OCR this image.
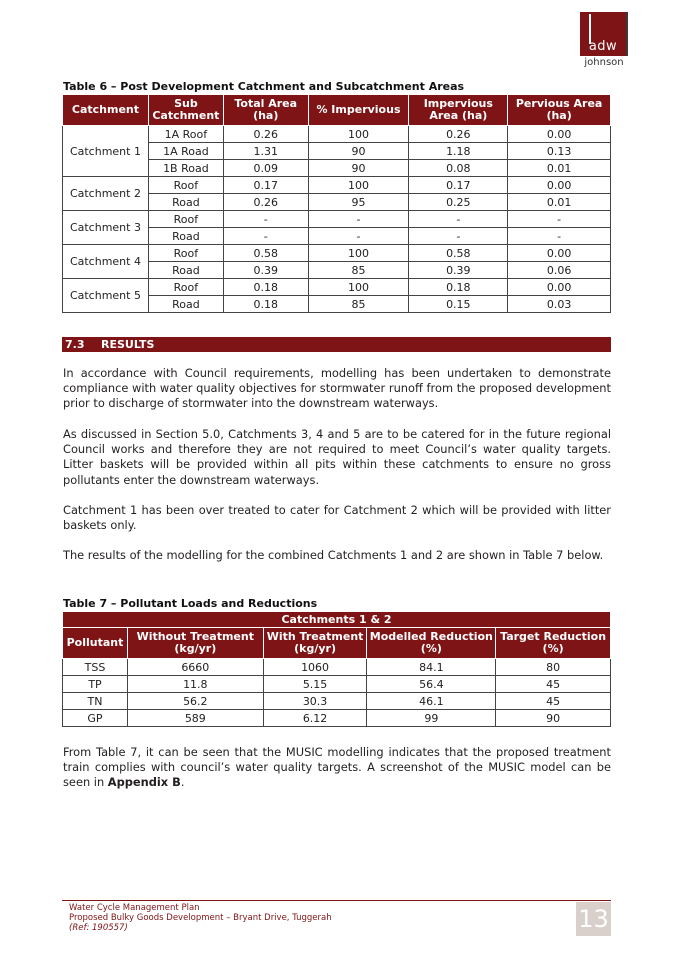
adw
johnson
Table 6 – Post Development Catchment and Subcatchment Areas
Catchment	Sub Catchment	Total Area (ha)	% Impervious	Impervious Area (ha)	Pervious Area (ha)
Catchment 1	1A Roof	0.26	100	0.26	0.00
	1A Road	1.31	90	1.18	0.13
	1B Road	0.09	90	0.08	0.01
Catchment 2	Roof	0.17	100	0.17	0.00
	Road	0.26	95	0.25	0.01
Catchment 3	Roof	-	-	-	-
	Road	-	-	-	-
Catchment 4	Roof	0.58	100	0.58	0.00
	Road	0.39	85	0.39	0.06
Catchment 5	Roof	0.18	100	0.18	0.00
	Road	0.18	85	0.15	0.03
7.3 RESULTS
In accordance with Council requirements, modelling has been undertaken to demonstrate compliance with water quality objectives for stormwater runoff from the proposed development prior to discharge of stormwater into the downstream waterways.
As discussed in Section 5.0, Catchments 3, 4 and 5 are to be catered for in the future regional Council works and therefore they are not required to meet Council’s water quality targets. Litter baskets will be provided within all pits within these catchments to ensure no gross pollutants enter the downstream waterways.
Catchment 1 has been over treated to cater for Catchment 2 which will be provided with litter baskets only.
The results of the modelling for the combined Catchments 1 and 2 are shown in Table 7 below.
Table 7 – Pollutant Loads and Reductions
Catchments 1 & 2				
Pollutant	Without Treatment (kg/yr)	With Treatment (kg/yr)	Modelled Reduction (%)	Target Reduction (%)
TSS	6660	1060	84.1	80
TP	11.8	5.15	56.4	45
TN	56.2	30.3	46.1	45
GP	589	6.12	99	90
From Table 7, it can be seen that the MUSIC modelling indicates that the proposed treatment train complies with council’s water quality targets. A screenshot of the MUSIC model can be seen in Appendix B.
Water Cycle Management Plan
Proposed Bulky Goods Development – Bryant Drive, Tuggerah
(Ref: 190557)	13
